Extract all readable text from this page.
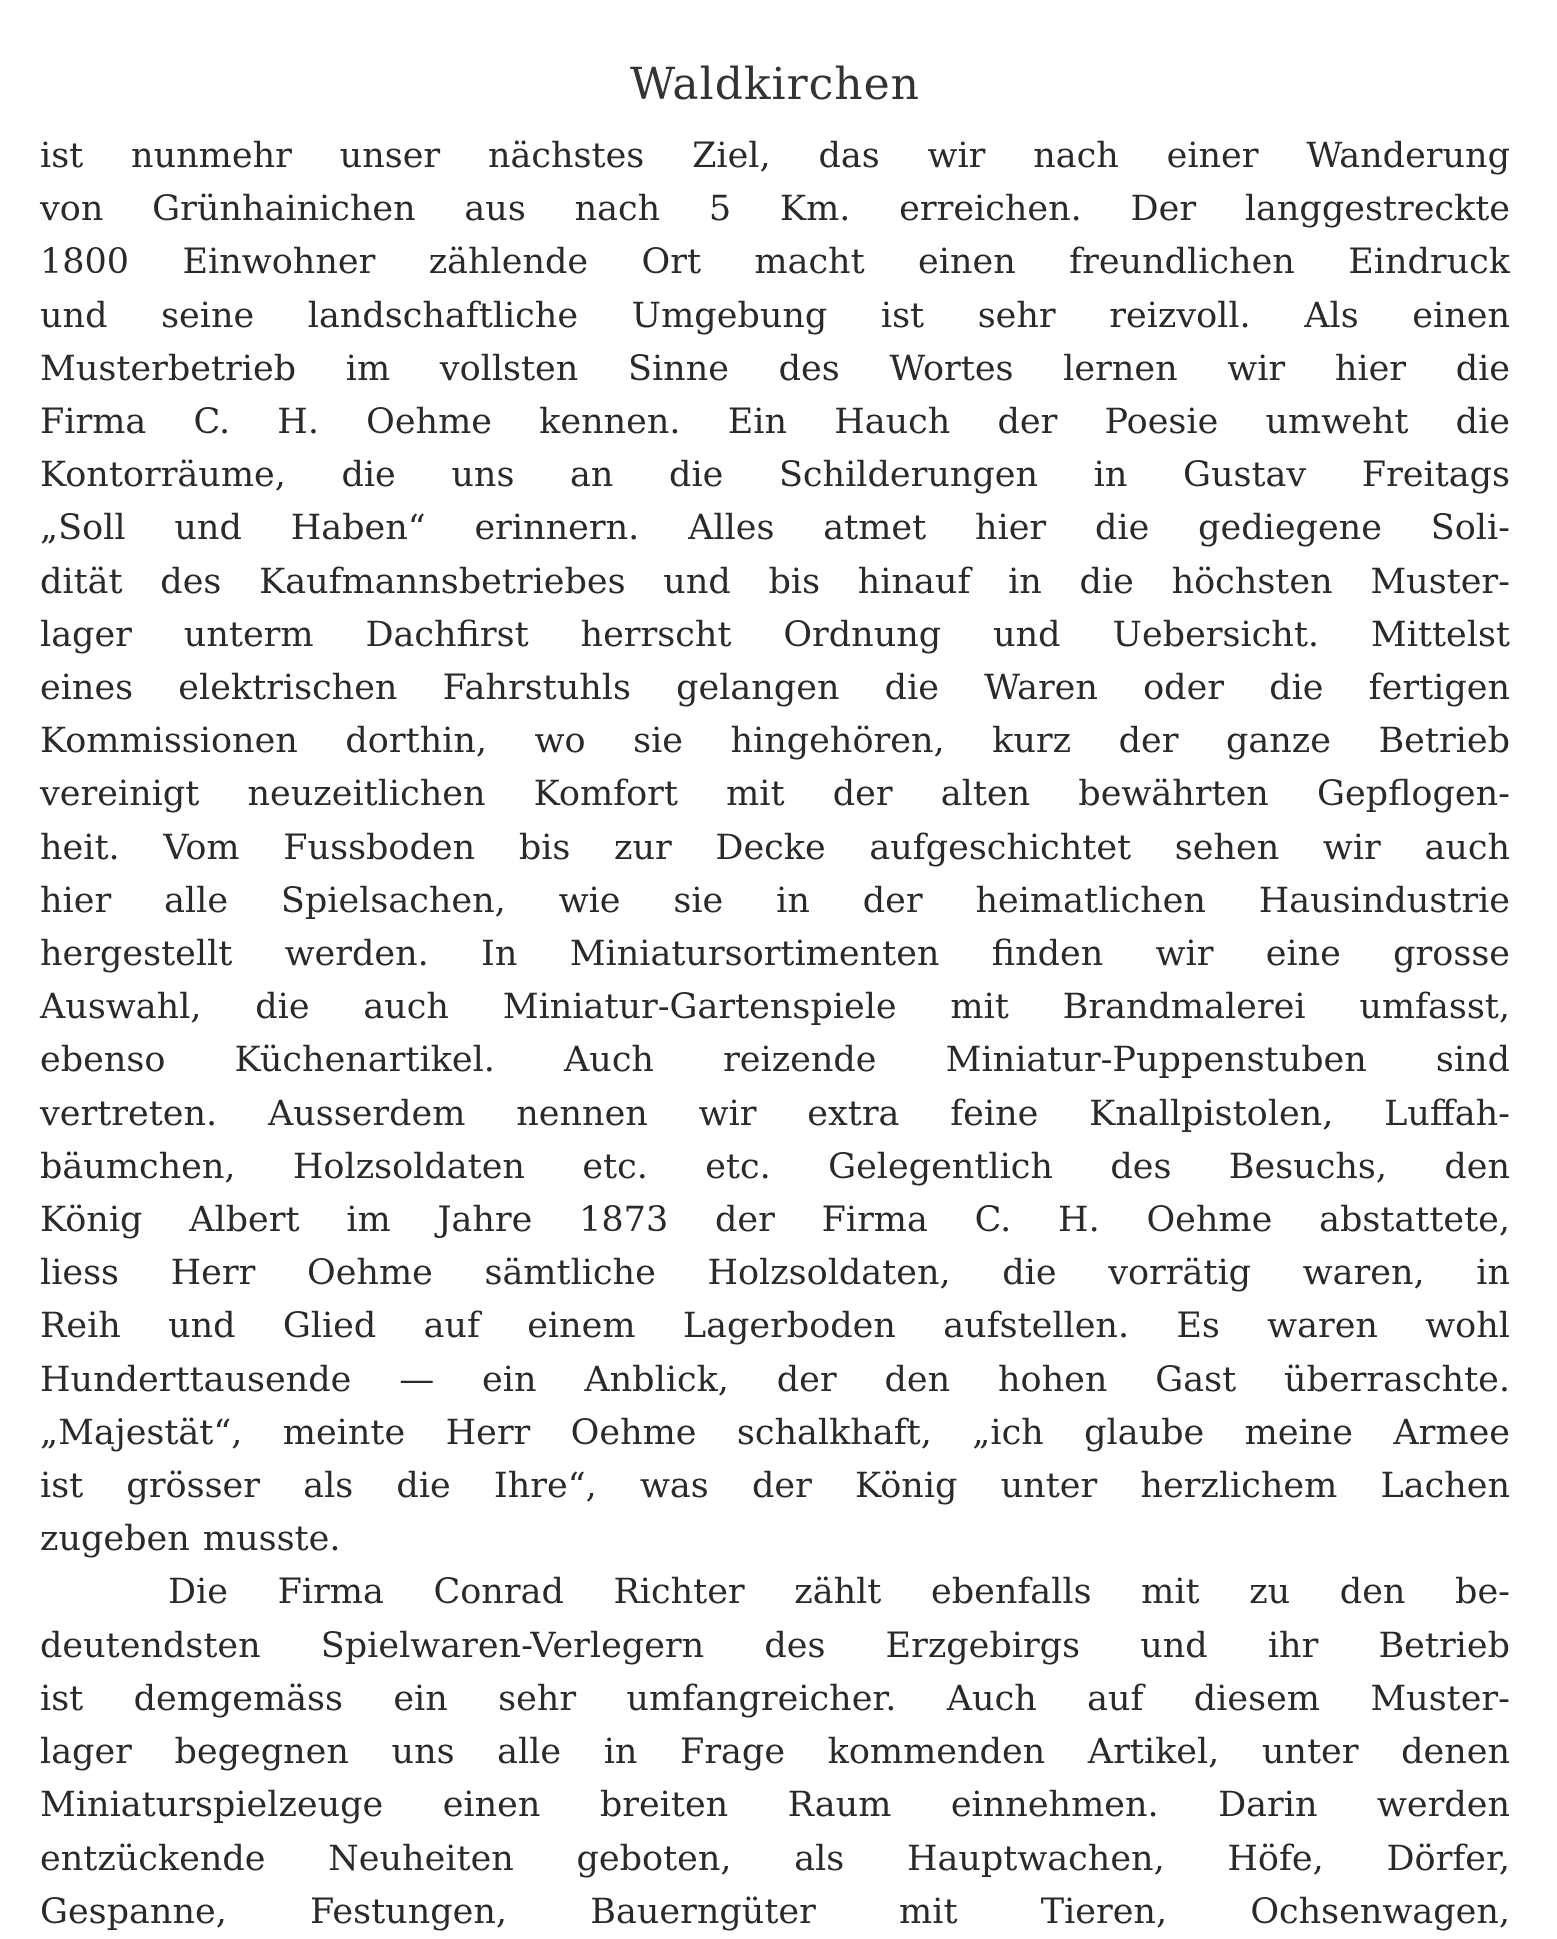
Waldkirchen

ist nunmehr unser nächstes Ziel, das wir nach einer Wanderung
von Grünhainichen aus nach 5 Km. erreichen. Der langgestreckte
1800 Einwohner zählende Ort macht einen freundlichen Eindruck
und seine landschaftliche Umgebung ist sehr reizvoll. Als einen
Musterbetrieb im vollsten Sinne des Wortes lernen wir hier die
Firma C. H. Oehme kennen. Ein Hauch der Poesie umweht die
Kontorräume, die uns an die Schilderungen in Gustav Freitags
„Soll und Haben“ erinnern. Alles atmet hier die gediegene Soli-
dität des Kaufmannsbetriebes und bis hinauf in die höchsten Muster-
lager unterm Dachfirst herrscht Ordnung und Uebersicht. Mittelst
eines elektrischen Fahrstuhls gelangen die Waren oder die fertigen
Kommissionen dorthin, wo sie hingehören, kurz der ganze Betrieb
vereinigt neuzeitlichen Komfort mit der alten bewährten Gepflogen-
heit. Vom Fussboden bis zur Decke aufgeschichtet sehen wir auch
hier alle Spielsachen, wie sie in der heimatlichen Hausindustrie
hergestellt werden. In Miniatursortimenten finden wir eine grosse
Auswahl, die auch Miniatur-Gartenspiele mit Brandmalerei umfasst,
ebenso Küchenartikel. Auch reizende Miniatur-Puppenstuben sind
vertreten. Ausserdem nennen wir extra feine Knallpistolen, Luffah-
bäumchen, Holzsoldaten etc. etc. Gelegentlich des Besuchs, den
König Albert im Jahre 1873 der Firma C. H. Oehme abstattete,
liess Herr Oehme sämtliche Holzsoldaten, die vorrätig waren, in
Reih und Glied auf einem Lagerboden aufstellen. Es waren wohl
Hunderttausende — ein Anblick, der den hohen Gast überraschte.
„Majestät“, meinte Herr Oehme schalkhaft, „ich glaube meine Armee
ist grösser als die Ihre“, was der König unter herzlichem Lachen
zugeben musste.

Die Firma Conrad Richter zählt ebenfalls mit zu den be-
deutendsten Spielwaren-Verlegern des Erzgebirgs und ihr Betrieb
ist demgemäss ein sehr umfangreicher. Auch auf diesem Muster-
lager begegnen uns alle in Frage kommenden Artikel, unter denen
Miniaturspielzeuge einen breiten Raum einnehmen. Darin werden
entzückende Neuheiten geboten, als Hauptwachen, Höfe, Dörfer,
Gespanne, Festungen, Bauerngüter mit Tieren, Ochsenwagen,
